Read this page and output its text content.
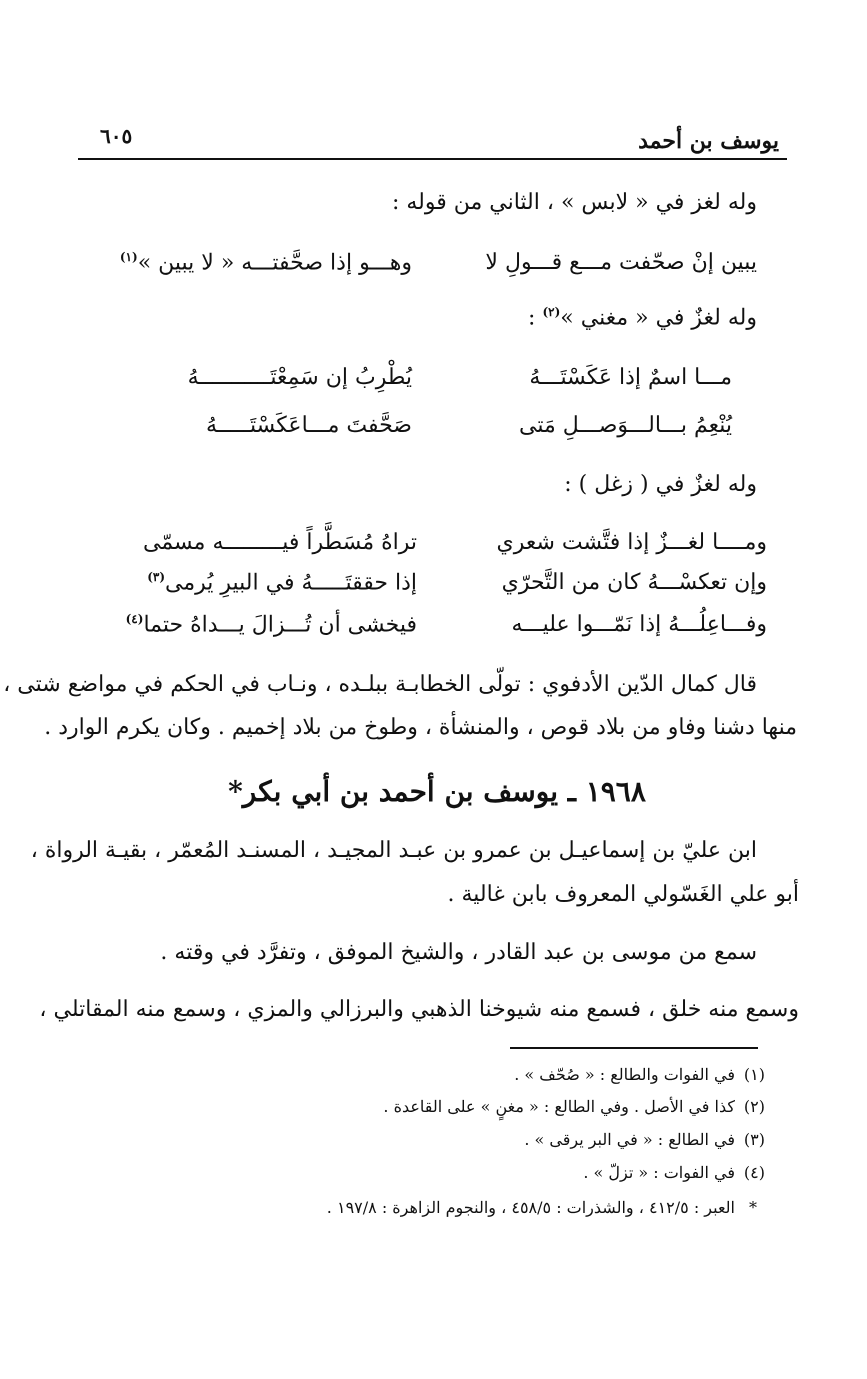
يوسف بن أحمد
٦٠٥
وله لغز في « لابس » ، الثاني من قوله :
يبين إنْ صحّفت مـــع قـــولِ لا
وهـــو إذا صحَّفتـــه « لا يبين »$^{(١)}$
وله لغزٌ في « مغني »$^{(٢)}$ :
مـــا اسمٌ إذا عَكَسْتَـــهُ
يُطْرِبُ إن سَمِعْتَـــــــــــهُ
يُنْعِمُ بـــالـــوَصـــلِ مَتى
صَحَّفتَ مـــاعَكَسْتَـــــهُ
وله لغزٌ في ( زغل ) :
ومــــا لغـــزٌ إذا فتَّشت شعري
تراهُ مُسَطَّراً فيـــــــــه مسمّى
وإن تعكسْـــهُ كان من التَّحرّي
إذا حققتَـــــهُ في البيرِ يُرمى$^{(٣)}$
وفـــاعِلُـــهُ إذا نَمّـــوا عليـــه
فيخشى أن تُـــزالَ يـــداهُ حتما$^{(٤)}$
قال كمال الدّين الأدفوي : تولّى الخطابـة ببلـده ، ونـاب في الحكم في مواضع شتى ،
منها دشنا وفاو من بلاد قوص ، والمنشأة ، وطوخ من بلاد إخميم . وكان يكرم الوارد .
١٩٦٨ ـ يوسف بن أحمد بن أبي بكر*
ابن عليّ بن إسماعيـل بن عمرو بن عبـد المجيـد ، المسنـد المُعمّر ، بقيـة الرواة ،
أبو علي الغَسّولي المعروف بابن غالية .
سمع من موسى بن عبد القادر ، والشيخ الموفق ، وتفرَّد في وقته .
وسمع منه خلق ، فسمع منه شيوخنا الذهبي والبرزالي والمزي ، وسمع منه المقاتلي ،
(١)
في الفوات والطالع : « صُحّف » .
(٢)
كذا في الأصل . وفي الطالع : « مغنٍ » على القاعدة .
(٣)
في الطالع : « في البر يرقى » .
(٤)
في الفوات : « تزلّ » .
*
العبر : ٤١٢/٥ ، والشذرات : ٤٥٨/٥ ، والنجوم الزاهرة : ١٩٧/٨ .
